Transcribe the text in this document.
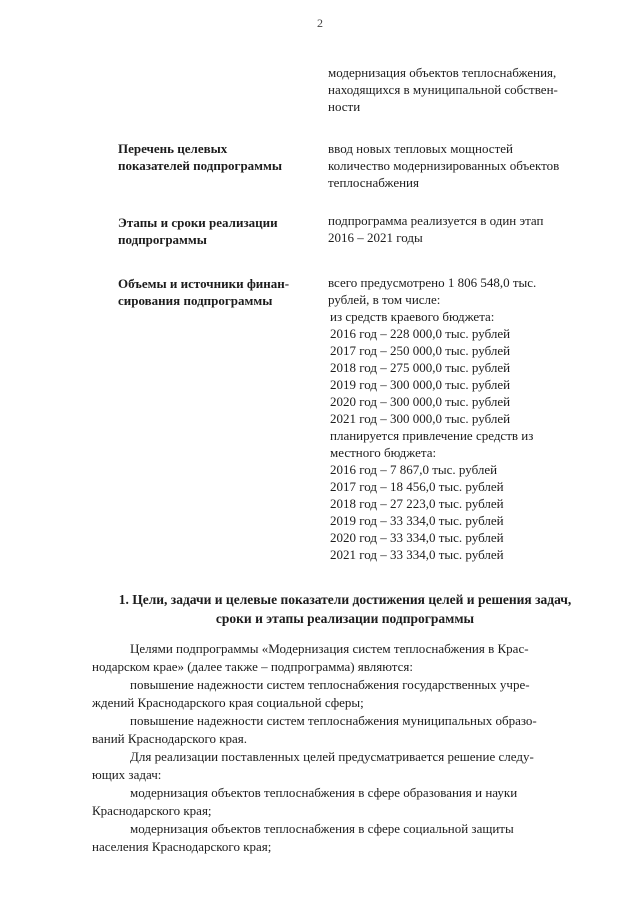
2
модернизация объектов теплоснабжения,
находящихся в муниципальной собствен-
ности
Перечень целевых
показателей подпрограммы
ввод новых тепловых мощностей
количество модернизированных объектов
теплоснабжения
Этапы и сроки реализации
подпрограммы
подпрограмма реализуется в один этап
2016 – 2021 годы
Объемы и источники финан-
сирования подпрограммы
всего предусмотрено 1 806 548,0 тыс.
рублей, в том числе:
из средств краевого бюджета:
2016 год – 228 000,0 тыс. рублей
2017 год – 250 000,0 тыс. рублей
2018 год – 275 000,0 тыс. рублей
2019 год – 300 000,0 тыс. рублей
2020 год – 300 000,0 тыс. рублей
2021 год – 300 000,0 тыс. рублей
планируется привлечение средств из
местного бюджета:
2016 год – 7 867,0 тыс. рублей
2017 год – 18 456,0 тыс. рублей
2018 год – 27 223,0 тыс. рублей
2019 год – 33 334,0 тыс. рублей
2020 год – 33 334,0 тыс. рублей
2021 год – 33 334,0 тыс. рублей
1. Цели, задачи и целевые показатели достижения целей и решения задач,
сроки и этапы реализации подпрограммы
Целями подпрограммы «Модернизация систем теплоснабжения в Крас-
нодарском крае» (далее также – подпрограмма) являются:
повышение надежности систем теплоснабжения государственных учре-
ждений Краснодарского края социальной сферы;
повышение надежности систем теплоснабжения муниципальных образо-
ваний Краснодарского края.
Для реализации поставленных целей предусматривается решение следу-
ющих задач:
модернизация объектов теплоснабжения в сфере образования и науки
Краснодарского края;
модернизация объектов теплоснабжения в сфере социальной защиты
населения Краснодарского края;
